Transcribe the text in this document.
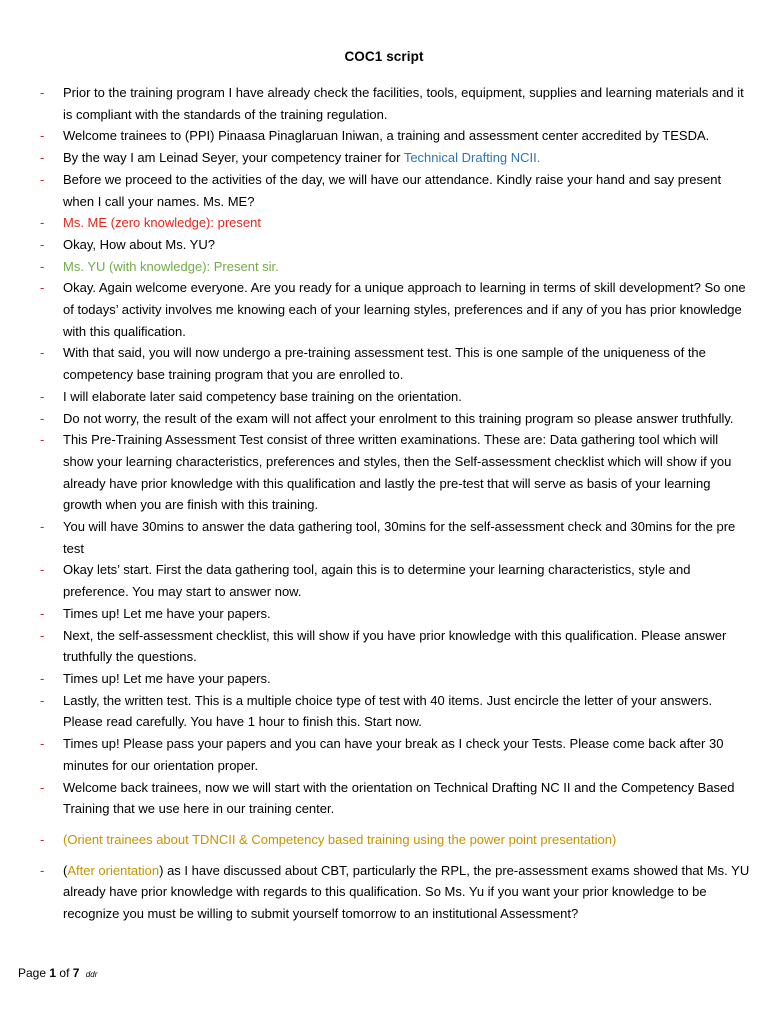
COC1 script
- Prior to the training program I have already check the facilities, tools, equipment, supplies and learning materials and it is compliant with the standards of the training regulation.
- Welcome trainees to (PPI) Pinaasa Pinaglaruan Iniwan, a training and assessment center accredited by TESDA.
- By the way I am Leinad Seyer, your competency trainer for Technical Drafting NCII.
- Before we proceed to the activities of the day, we will have our attendance. Kindly raise your hand and say present when I call your names. Ms. ME?
- Ms. ME (zero knowledge): present
- Okay, How about Ms. YU?
- Ms. YU (with knowledge): Present sir.
- Okay. Again welcome everyone. Are you ready for a unique approach to learning in terms of skill development? So one of todays’ activity involves me knowing each of your learning styles, preferences and if any of you has prior knowledge with this qualification.
- With that said, you will now undergo a pre-training assessment test. This is one sample of the uniqueness of the competency base training program that you are enrolled to.
- I will elaborate later said competency base training on the orientation.
- Do not worry, the result of the exam will not affect your enrolment to this training program so please answer truthfully.
- This Pre-Training Assessment Test consist of three written examinations. These are: Data gathering tool which will show your learning characteristics, preferences and styles, then the Self-assessment checklist which will show if you already have prior knowledge with this qualification and lastly the pre-test that will serve as basis of your learning growth when you are finish with this training.
- You will have 30mins to answer the data gathering tool, 30mins for the self-assessment check and 30mins for the pre test
- Okay lets’ start. First the data gathering tool, again this is to determine your learning characteristics, style and preference. You may start to answer now.
- Times up! Let me have your papers.
- Next, the self-assessment checklist, this will show if you have prior knowledge with this qualification. Please answer truthfully the questions.
- Times up! Let me have your papers.
- Lastly, the written test. This is a multiple choice type of test with 40 items. Just encircle the letter of your answers. Please read carefully. You have 1 hour to finish this. Start now.
- Times up! Please pass your papers and you can have your break as I check your Tests. Please come back after 30 minutes for our orientation proper.
- Welcome back trainees, now we will start with the orientation on Technical Drafting NC II and the Competency Based Training that we use here in our training center.
- (Orient trainees about TDNCII & Competency based training using the power point presentation)
- (After orientation) as I have discussed about CBT, particularly the RPL, the pre-assessment exams showed that Ms. YU already have prior knowledge with regards to this qualification. So Ms. Yu if you want your prior knowledge to be recognize you must be willing to submit yourself tomorrow to an institutional Assessment?
Page 1 of 7 ddr
